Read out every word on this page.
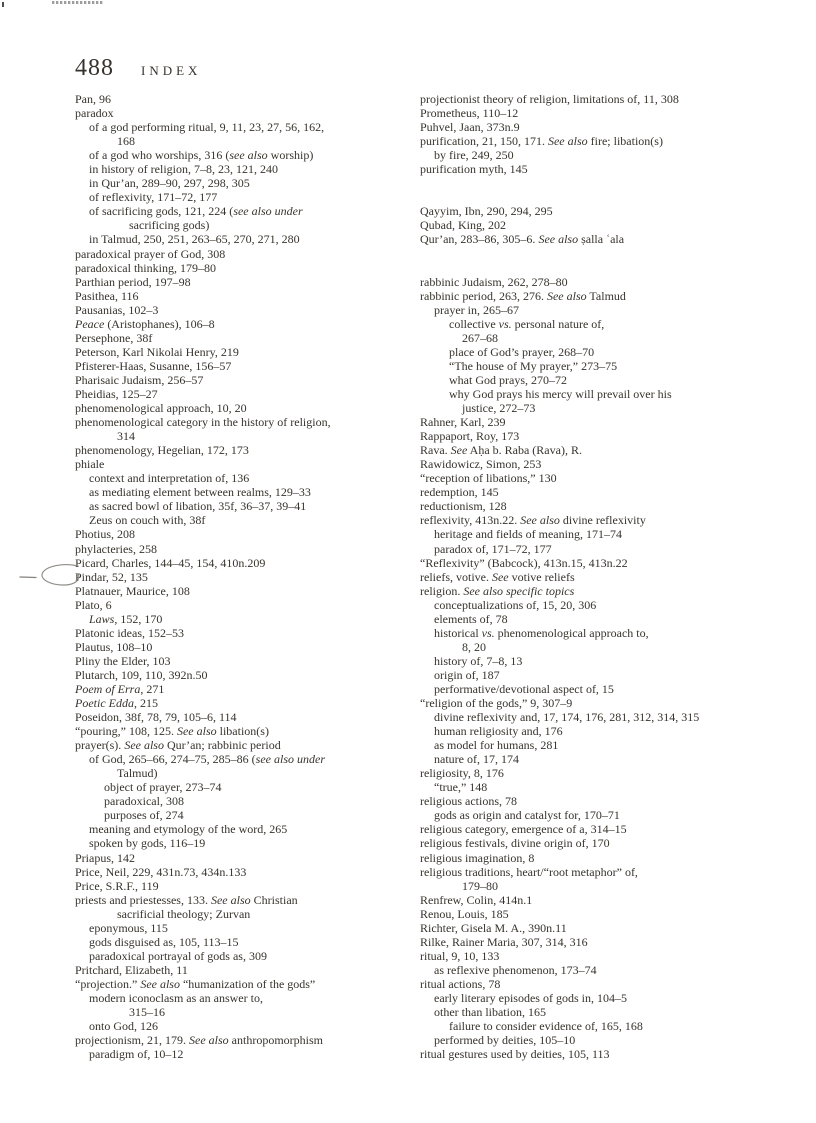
488 INDEX
Pan, 96
paradox
of a god performing ritual, 9, 11, 23, 27, 56, 162,
168
of a god who worships, 316 (see also worship)
in history of religion, 7–8, 23, 121, 240
in Qur’an, 289–90, 297, 298, 305
of reflexivity, 171–72, 177
of sacrificing gods, 121, 224 (see also under
sacrificing gods)
in Talmud, 250, 251, 263–65, 270, 271, 280
paradoxical prayer of God, 308
paradoxical thinking, 179–80
Parthian period, 197–98
Pasithea, 116
Pausanias, 102–3
Peace (Aristophanes), 106–8
Persephone, 38f
Peterson, Karl Nikolai Henry, 219
Pfisterer-Haas, Susanne, 156–57
Pharisaic Judaism, 256–57
Pheidias, 125–27
phenomenological approach, 10, 20
phenomenological category in the history of religion,
314
phenomenology, Hegelian, 172, 173
phiale
context and interpretation of, 136
as mediating element between realms, 129–33
as sacred bowl of libation, 35f, 36–37, 39–41
Zeus on couch with, 38f
Photius, 208
phylacteries, 258
Picard, Charles, 144–45, 154, 410n.209
Pindar, 52, 135
Platnauer, Maurice, 108
Plato, 6
Laws, 152, 170
Platonic ideas, 152–53
Plautus, 108–10
Pliny the Elder, 103
Plutarch, 109, 110, 392n.50
Poem of Erra, 271
Poetic Edda, 215
Poseidon, 38f, 78, 79, 105–6, 114
“pouring,” 108, 125. See also libation(s)
prayer(s). See also Qur’an; rabbinic period
of God, 265–66, 274–75, 285–86 (see also under
Talmud)
object of prayer, 273–74
paradoxical, 308
purposes of, 274
meaning and etymology of the word, 265
spoken by gods, 116–19
Priapus, 142
Price, Neil, 229, 431n.73, 434n.133
Price, S.R.F., 119
priests and priestesses, 133. See also Christian
sacrificial theology; Zurvan
eponymous, 115
gods disguised as, 105, 113–15
paradoxical portrayal of gods as, 309
Pritchard, Elizabeth, 11
“projection.” See also “humanization of the gods”
modern iconoclasm as an answer to,
315–16
onto God, 126
projectionism, 21, 179. See also anthropomorphism
paradigm of, 10–12
projectionist theory of religion, limitations of, 11, 308
Prometheus, 110–12
Puhvel, Jaan, 373n.9
purification, 21, 150, 171. See also fire; libation(s)
by fire, 249, 250
purification myth, 145

Qayyim, Ibn, 290, 294, 295
Qubad, King, 202
Qur’an, 283–86, 305–6. See also ṣalla ʿala

rabbinic Judaism, 262, 278–80
rabbinic period, 263, 276. See also Talmud
prayer in, 265–67
collective vs. personal nature of,
267–68
place of God’s prayer, 268–70
“The house of My prayer,” 273–75
what God prays, 270–72
why God prays his mercy will prevail over his
justice, 272–73
Rahner, Karl, 239
Rappaport, Roy, 173
Rava. See Aḥa b. Raba (Rava), R.
Rawidowicz, Simon, 253
“reception of libations,” 130
redemption, 145
reductionism, 128
reflexivity, 413n.22. See also divine reflexivity
heritage and fields of meaning, 171–74
paradox of, 171–72, 177
“Reflexivity” (Babcock), 413n.15, 413n.22
reliefs, votive. See votive reliefs
religion. See also specific topics
conceptualizations of, 15, 20, 306
elements of, 78
historical vs. phenomenological approach to,
8, 20
history of, 7–8, 13
origin of, 187
performative/devotional aspect of, 15
“religion of the gods,” 9, 307–9
divine reflexivity and, 17, 174, 176, 281, 312, 314, 315
human religiosity and, 176
as model for humans, 281
nature of, 17, 174
religiosity, 8, 176
“true,” 148
religious actions, 78
gods as origin and catalyst for, 170–71
religious category, emergence of a, 314–15
religious festivals, divine origin of, 170
religious imagination, 8
religious traditions, heart/“root metaphor” of,
179–80
Renfrew, Colin, 414n.1
Renou, Louis, 185
Richter, Gisela M. A., 390n.11
Rilke, Rainer Maria, 307, 314, 316
ritual, 9, 10, 133
as reflexive phenomenon, 173–74
ritual actions, 78
early literary episodes of gods in, 104–5
other than libation, 165
failure to consider evidence of, 165, 168
performed by deities, 105–10
ritual gestures used by deities, 105, 113
